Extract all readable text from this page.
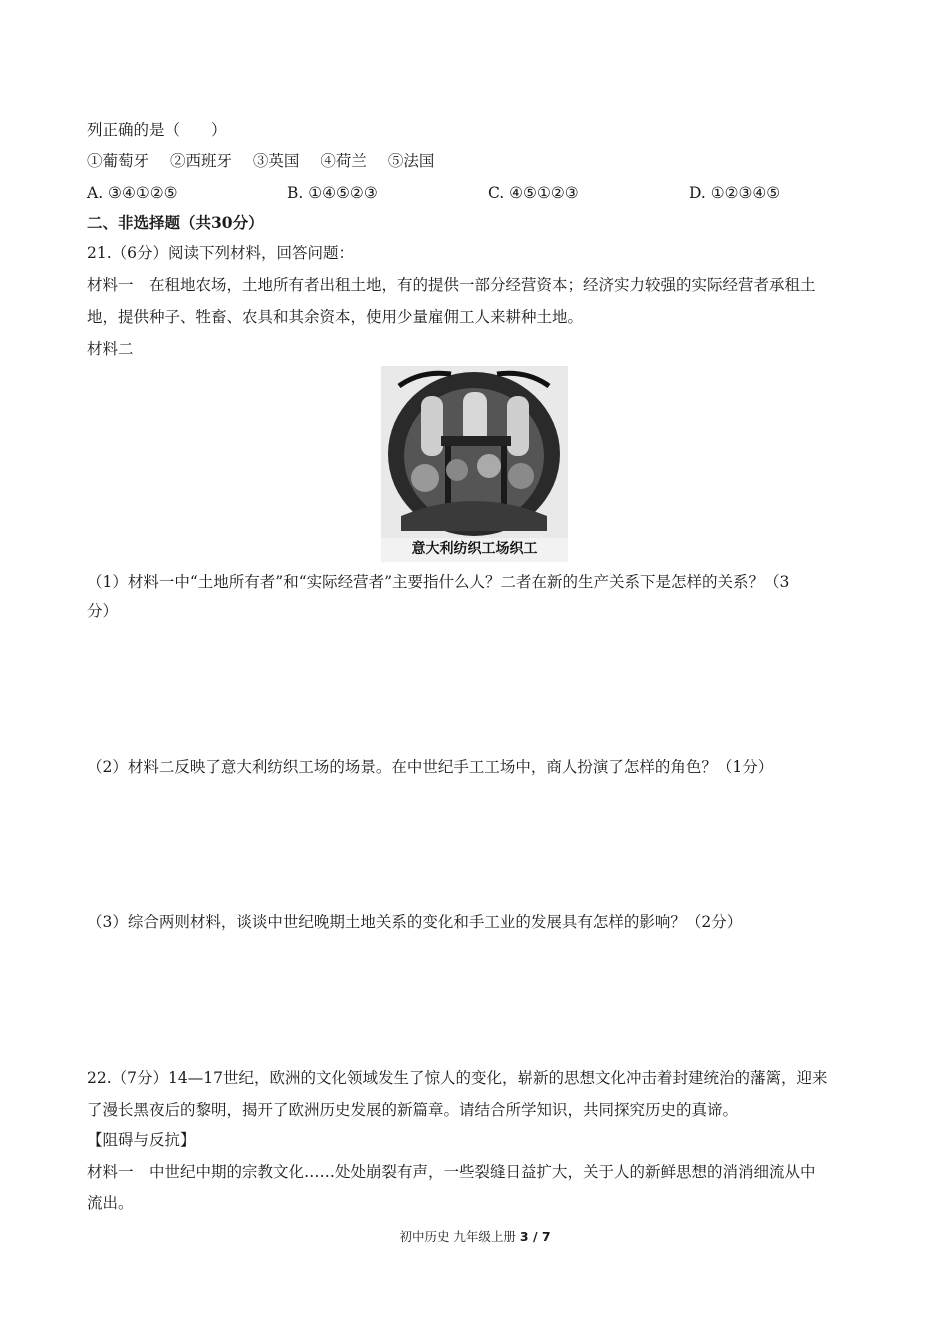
列正确的是（　　）
①葡萄牙 ②西班牙 ③英国 ④荷兰 ⑤法国
A. ③④①②⑤	B. ①④⑤②③	C. ④⑤①②③	D. ①②③④⑤
二、非选择题（共30分）
21.（6分）阅读下列材料，回答问题：
材料一　在租地农场，土地所有者出租土地，有的提供一部分经营资本；经济实力较强的实际经营者承租土
地，提供种子、牲畜、农具和其余资本，使用少量雇佣工人来耕种土地。
材料二
意大利纺织工场织工
（1）材料一中“土地所有者”和“实际经营者”主要指什么人？二者在新的生产关系下是怎样的关系？（3
分）
（2）材料二反映了意大利纺织工场的场景。在中世纪手工工场中，商人扮演了怎样的角色？（1分）
（3）综合两则材料，谈谈中世纪晚期土地关系的变化和手工业的发展具有怎样的影响？（2分）
22.（7分）14—17世纪，欧洲的文化领域发生了惊人的变化，崭新的思想文化冲击着封建统治的藩篱，迎来
了漫长黑夜后的黎明，揭开了欧洲历史发展的新篇章。请结合所学知识，共同探究历史的真谛。
【阻碍与反抗】
材料一　中世纪中期的宗教文化……处处崩裂有声，一些裂缝日益扩大，关于人的新鲜思想的消消细流从中
流出。
初中历史 九年级上册 3 / 7
